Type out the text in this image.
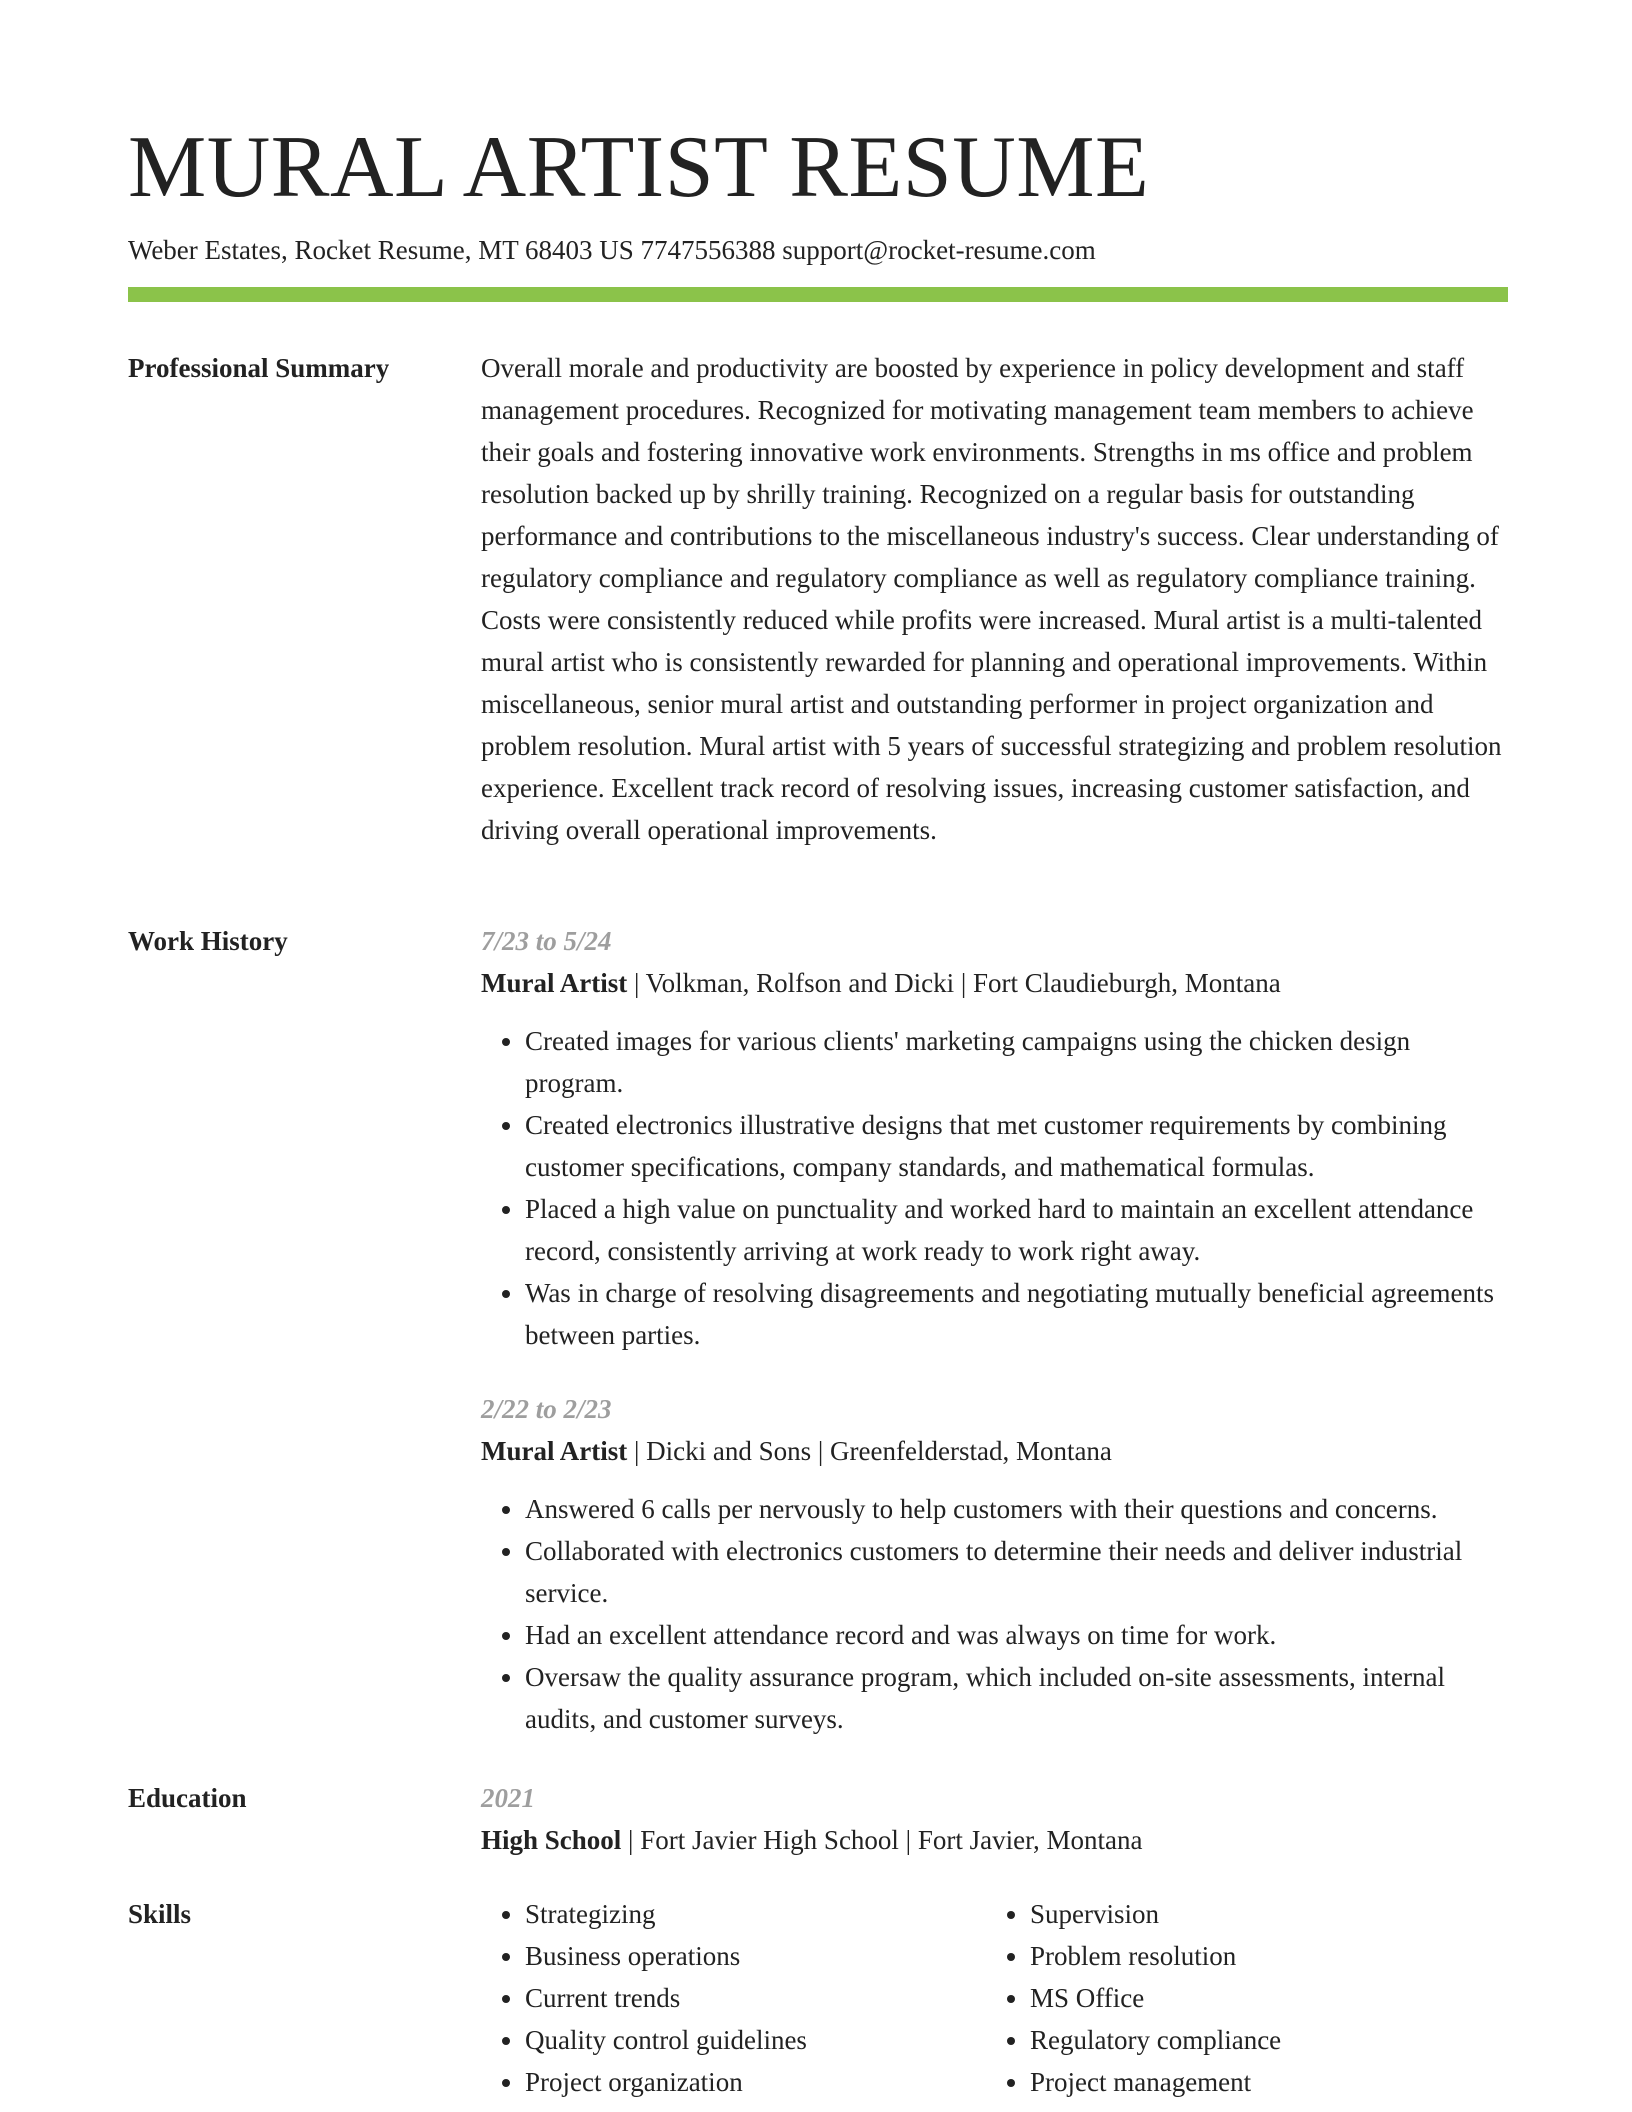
MURAL ARTIST RESUME
Weber Estates, Rocket Resume, MT 68403 US 7747556388 support@rocket-resume.com
Professional Summary	Overall morale and productivity are boosted by experience in policy development and staff management procedures. Recognized for motivating management team members to achieve their goals and fostering innovative work environments. Strengths in ms office and problem resolution backed up by shrilly training. Recognized on a regular basis for outstanding performance and contributions to the miscellaneous industry's success. Clear understanding of regulatory compliance and regulatory compliance as well as regulatory compliance training. Costs were consistently reduced while profits were increased. Mural artist is a multi-talented mural artist who is consistently rewarded for planning and operational improvements. Within miscellaneous, senior mural artist and outstanding performer in project organization and problem resolution. Mural artist with 5 years of successful strategizing and problem resolution experience. Excellent track record of resolving issues, increasing customer satisfaction, and driving overall operational improvements.

Work History	7/23 to 5/24
Mural Artist | Volkman, Rolfson and Dicki | Fort Claudieburgh, Montana
• Created images for various clients' marketing campaigns using the chicken design program.
• Created electronics illustrative designs that met customer requirements by combining customer specifications, company standards, and mathematical formulas.
• Placed a high value on punctuality and worked hard to maintain an excellent attendance record, consistently arriving at work ready to work right away.
• Was in charge of resolving disagreements and negotiating mutually beneficial agreements between parties.
2/22 to 2/23
Mural Artist | Dicki and Sons | Greenfelderstad, Montana
• Answered 6 calls per nervously to help customers with their questions and concerns.
• Collaborated with electronics customers to determine their needs and deliver industrial service.
• Had an excellent attendance record and was always on time for work.
• Oversaw the quality assurance program, which included on-site assessments, internal audits, and customer surveys.
Education	2021
High School | Fort Javier High School | Fort Javier, Montana
Skills
•	Strategizing
• Business operations
• Current trends
• Quality control guidelines
• Project organization
• Supervision
• Problem resolution
• MS Office
• Regulatory compliance
• Project management
